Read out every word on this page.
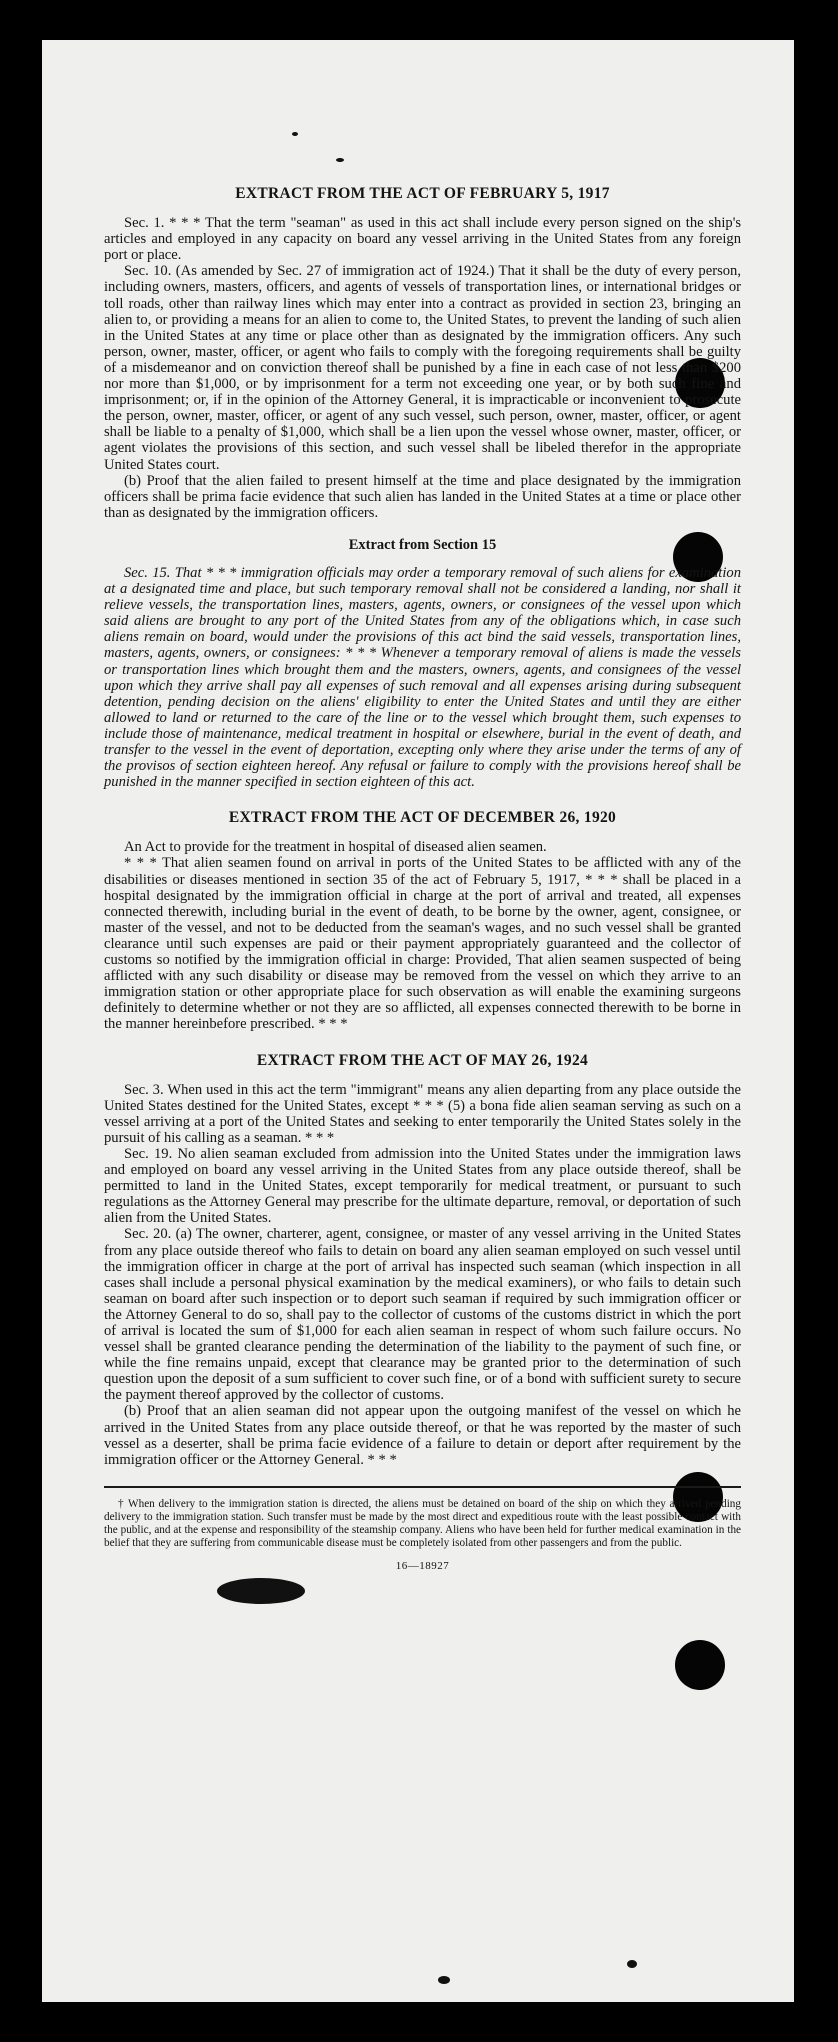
EXTRACT FROM THE ACT OF FEBRUARY 5, 1917

Sec. 1. * * * That the term "seaman" as used in this act shall include every person signed on the ship's articles and employed in any capacity on board any vessel arriving in the United States from any foreign port or place.

Sec. 10. (As amended by Sec. 27 of immigration act of 1924.) That it shall be the duty of every person, including owners, masters, officers, and agents of vessels of transportation lines, or international bridges or toll roads, other than railway lines which may enter into a contract as provided in section 23, bringing an alien to, or providing a means for an alien to come to, the United States, to prevent the landing of such alien in the United States at any time or place other than as designated by the immigration officers. Any such person, owner, master, officer, or agent who fails to comply with the foregoing requirements shall be guilty of a misdemeanor and on conviction thereof shall be punished by a fine in each case of not less than $200 nor more than $1,000, or by imprisonment for a term not exceeding one year, or by both such fine and imprisonment; or, if in the opinion of the Attorney General, it is impracticable or inconvenient to prosecute the person, owner, master, officer, or agent of any such vessel, such person, owner, master, officer, or agent shall be liable to a penalty of $1,000, which shall be a lien upon the vessel whose owner, master, officer, or agent violates the provisions of this section, and such vessel shall be libeled therefor in the appropriate United States court.

(b) Proof that the alien failed to present himself at the time and place designated by the immigration officers shall be prima facie evidence that such alien has landed in the United States at a time or place other than as designated by the immigration officers.

Extract from Section 15

Sec. 15. That * * * immigration officials may order a temporary removal of such aliens for examination at a designated time and place, but such temporary removal shall not be considered a landing, nor shall it relieve vessels, the transportation lines, masters, agents, owners, or consignees of the vessel upon which said aliens are brought to any port of the United States from any of the obligations which, in case such aliens remain on board, would under the provisions of this act bind the said vessels, transportation lines, masters, agents, owners, or consignees: * * * Whenever a temporary removal of aliens is made the vessels or transportation lines which brought them and the masters, owners, agents, and consignees of the vessel upon which they arrive shall pay all expenses of such removal and all expenses arising during subsequent detention, pending decision on the aliens' eligibility to enter the United States and until they are either allowed to land or returned to the care of the line or to the vessel which brought them, such expenses to include those of maintenance, medical treatment in hospital or elsewhere, burial in the event of death, and transfer to the vessel in the event of deportation, excepting only where they arise under the terms of any of the provisos of section eighteen hereof. Any refusal or failure to comply with the provisions hereof shall be punished in the manner specified in section eighteen of this act.

EXTRACT FROM THE ACT OF DECEMBER 26, 1920

An Act to provide for the treatment in hospital of diseased alien seamen.

* * * That alien seamen found on arrival in ports of the United States to be afflicted with any of the disabilities or diseases mentioned in section 35 of the act of February 5, 1917, * * * shall be placed in a hospital designated by the immigration official in charge at the port of arrival and treated, all expenses connected therewith, including burial in the event of death, to be borne by the owner, agent, consignee, or master of the vessel, and not to be deducted from the seaman's wages, and no such vessel shall be granted clearance until such expenses are paid or their payment appropriately guaranteed and the collector of customs so notified by the immigration official in charge: Provided, That alien seamen suspected of being afflicted with any such disability or disease may be removed from the vessel on which they arrive to an immigration station or other appropriate place for such observation as will enable the examining surgeons definitely to determine whether or not they are so afflicted, all expenses connected therewith to be borne in the manner hereinbefore prescribed. * * *

EXTRACT FROM THE ACT OF MAY 26, 1924

Sec. 3. When used in this act the term "immigrant" means any alien departing from any place outside the United States destined for the United States, except * * * (5) a bona fide alien seaman serving as such on a vessel arriving at a port of the United States and seeking to enter temporarily the United States solely in the pursuit of his calling as a seaman. * * *

Sec. 19. No alien seaman excluded from admission into the United States under the immigration laws and employed on board any vessel arriving in the United States from any place outside thereof, shall be permitted to land in the United States, except temporarily for medical treatment, or pursuant to such regulations as the Attorney General may prescribe for the ultimate departure, removal, or deportation of such alien from the United States.

Sec. 20. (a) The owner, charterer, agent, consignee, or master of any vessel arriving in the United States from any place outside thereof who fails to detain on board any alien seaman employed on such vessel until the immigration officer in charge at the port of arrival has inspected such seaman (which inspection in all cases shall include a personal physical examination by the medical examiners), or who fails to detain such seaman on board after such inspection or to deport such seaman if required by such immigration officer or the Attorney General to do so, shall pay to the collector of customs of the customs district in which the port of arrival is located the sum of $1,000 for each alien seaman in respect of whom such failure occurs. No vessel shall be granted clearance pending the determination of the liability to the payment of such fine, or while the fine remains unpaid, except that clearance may be granted prior to the determination of such question upon the deposit of a sum sufficient to cover such fine, or of a bond with sufficient surety to secure the payment thereof approved by the collector of customs.

(b) Proof that an alien seaman did not appear upon the outgoing manifest of the vessel on which he arrived in the United States from any place outside thereof, or that he was reported by the master of such vessel as a deserter, shall be prima facie evidence of a failure to detain or deport after requirement by the immigration officer or the Attorney General. * * *

† When delivery to the immigration station is directed, the aliens must be detained on board of the ship on which they arrived pending delivery to the immigration station. Such transfer must be made by the most direct and expeditious route with the least possible contact with the public, and at the expense and responsibility of the steamship company. Aliens who have been held for further medical examination in the belief that they are suffering from communicable disease must be completely isolated from other passengers and from the public.

16—18927
